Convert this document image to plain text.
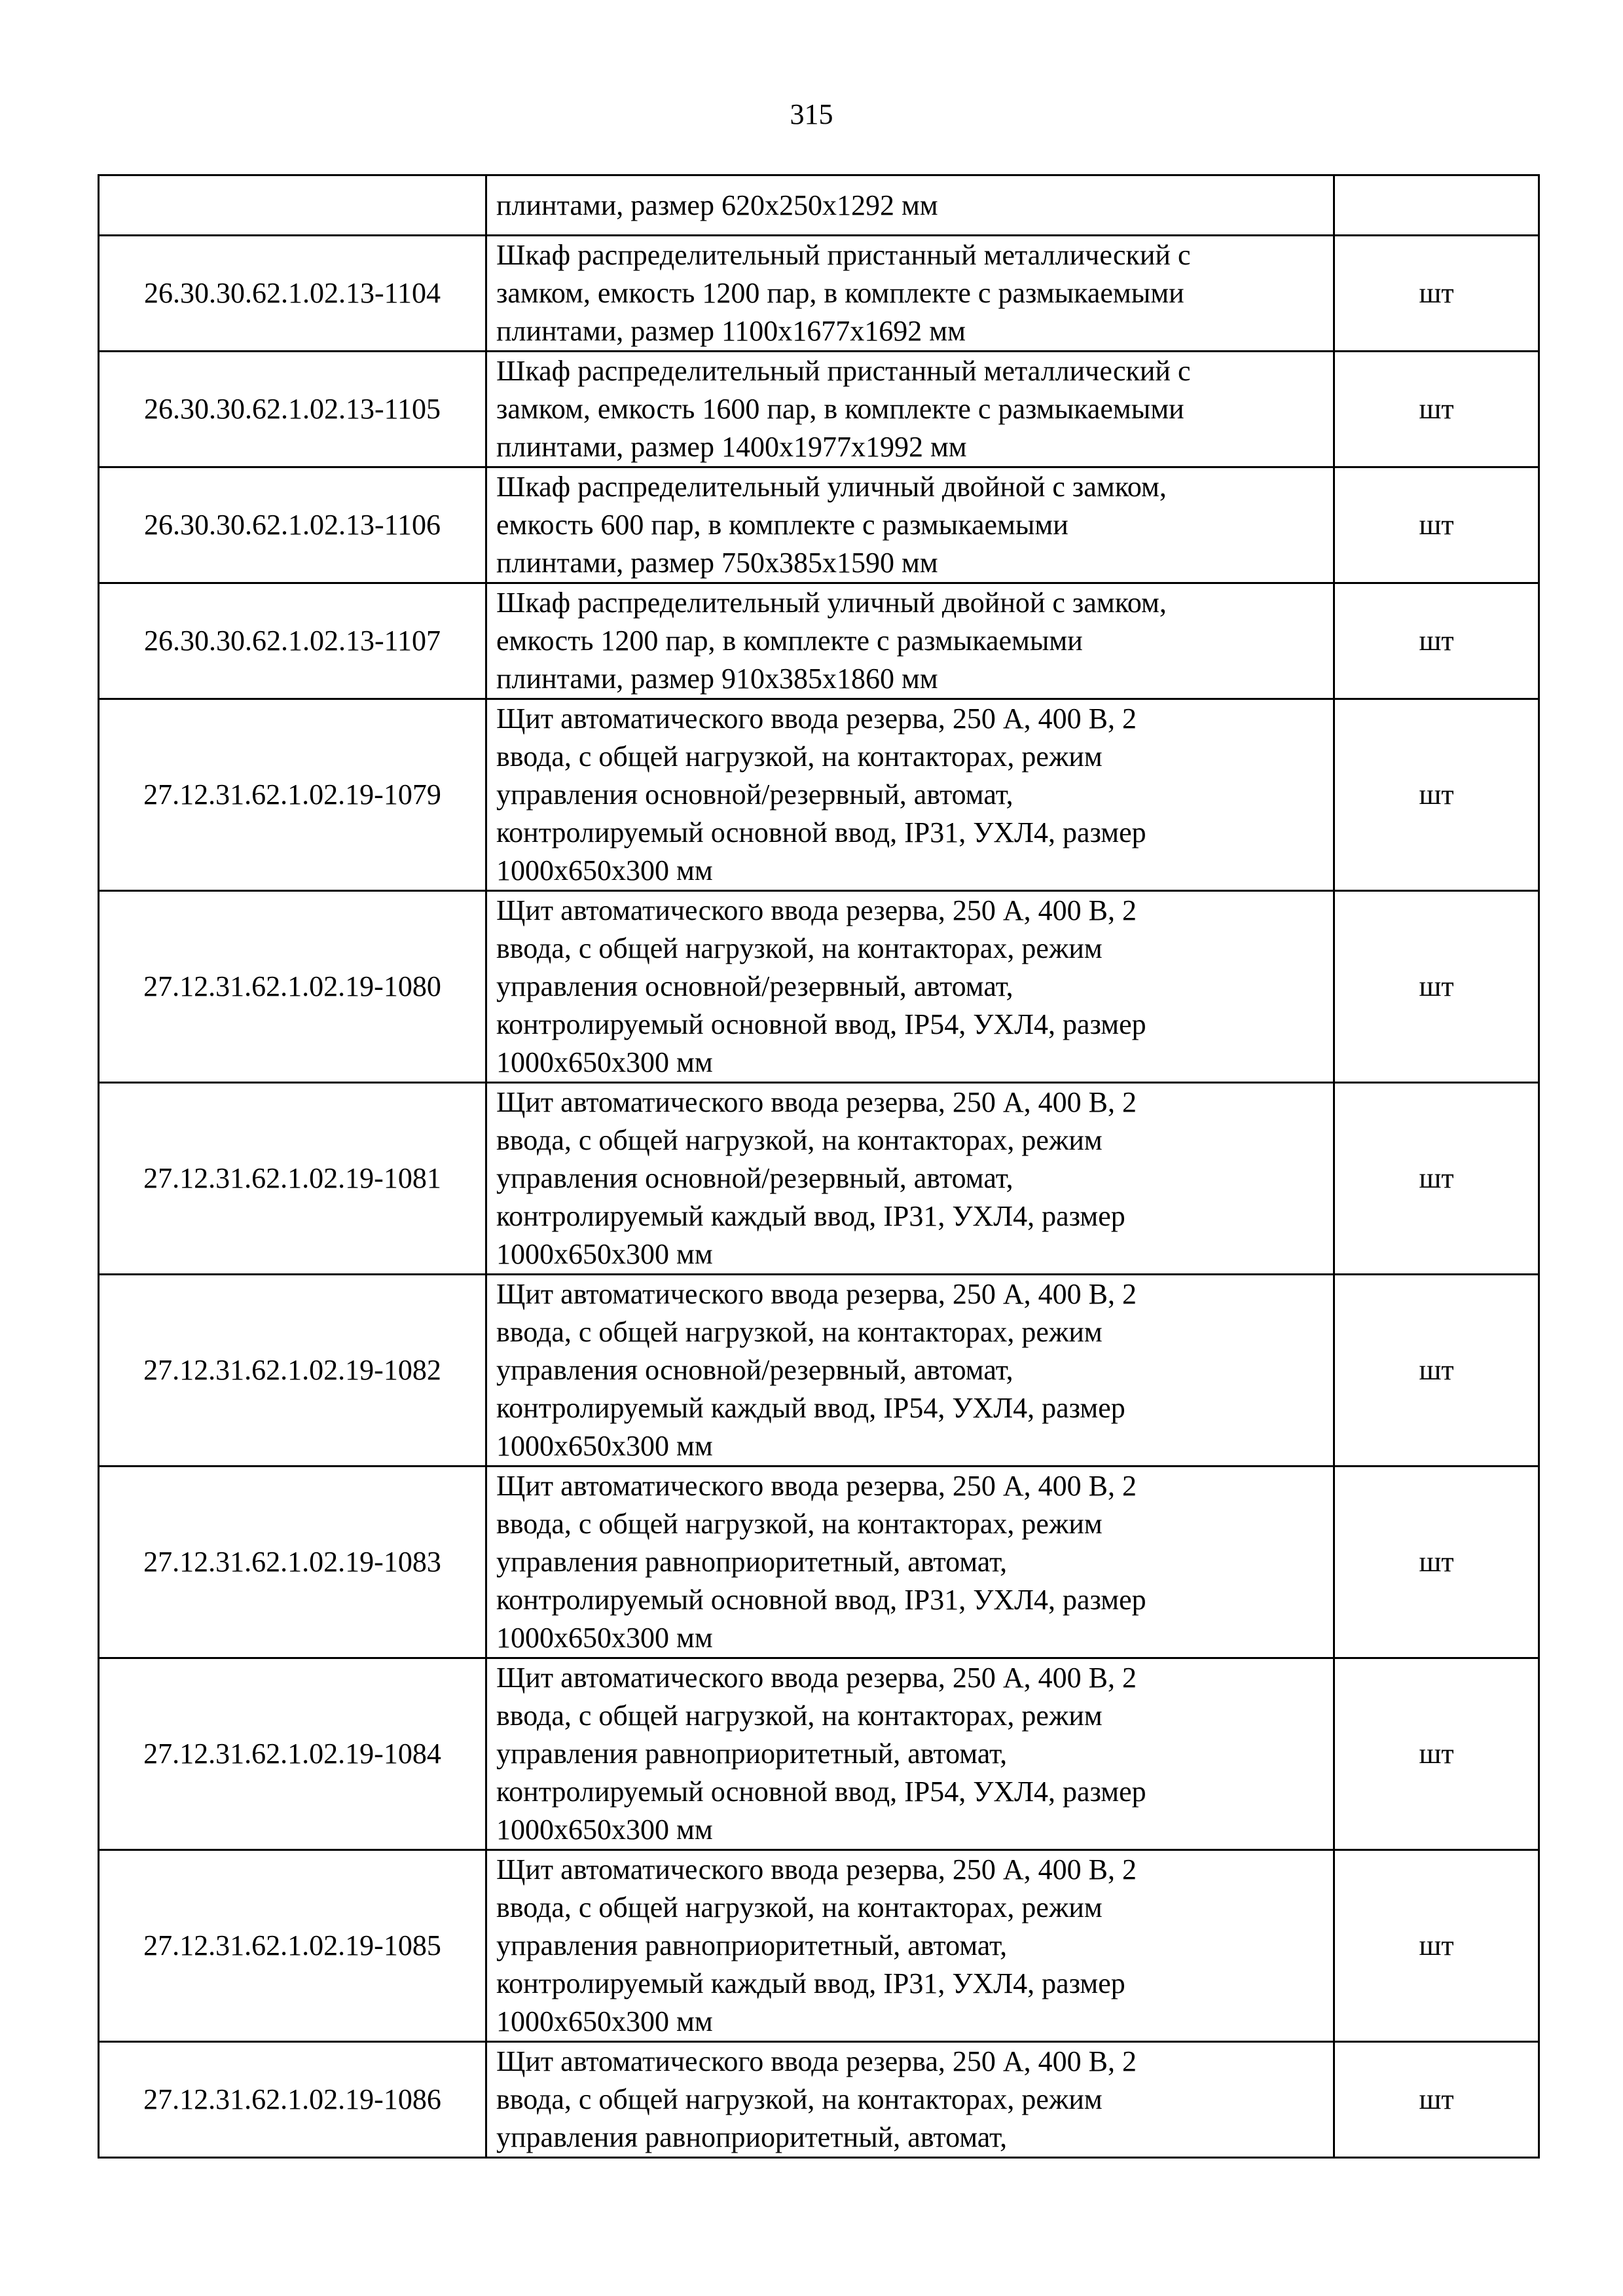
315

	плинтами, размер 620х250х1292 мм	

26.30.30.62.1.02.13-1104	Шкаф распределительный пристанный металлический с
замком, емкость 1200 пар, в комплекте с размыкаемыми
плинтами, размер 1100х1677х1692 мм	шт
26.30.30.62.1.02.13-1105	Шкаф распределительный пристанный металлический с
замком, емкость 1600 пар, в комплекте с размыкаемыми
плинтами, размер 1400х1977х1992 мм	шт
26.30.30.62.1.02.13-1106	Шкаф распределительный уличный двойной с замком,
емкость 600 пар, в комплекте с размыкаемыми
плинтами, размер 750х385х1590 мм	шт
26.30.30.62.1.02.13-1107	Шкаф распределительный уличный двойной с замком,
емкость 1200 пар, в комплекте с размыкаемыми
плинтами, размер 910х385х1860 мм	шт
27.12.31.62.1.02.19-1079	Щит автоматического ввода резерва, 250 А, 400 В, 2
ввода, с общей нагрузкой, на контакторах, режим
управления основной/резервный, автомат,
контролируемый основной ввод, IP31, УХЛ4, размер
1000х650х300 мм	шт
27.12.31.62.1.02.19-1080	Щит автоматического ввода резерва, 250 А, 400 В, 2
ввода, с общей нагрузкой, на контакторах, режим
управления основной/резервный, автомат,
контролируемый основной ввод, IP54, УХЛ4, размер
1000х650х300 мм	шт
27.12.31.62.1.02.19-1081	Щит автоматического ввода резерва, 250 А, 400 В, 2
ввода, с общей нагрузкой, на контакторах, режим
управления основной/резервный, автомат,
контролируемый каждый ввод, IP31, УХЛ4, размер
1000х650х300 мм	шт
27.12.31.62.1.02.19-1082	Щит автоматического ввода резерва, 250 А, 400 В, 2
ввода, с общей нагрузкой, на контакторах, режим
управления основной/резервный, автомат,
контролируемый каждый ввод, IP54, УХЛ4, размер
1000х650х300 мм	шт
27.12.31.62.1.02.19-1083	Щит автоматического ввода резерва, 250 А, 400 В, 2
ввода, с общей нагрузкой, на контакторах, режим
управления равноприоритетный, автомат,
контролируемый основной ввод, IP31, УХЛ4, размер
1000х650х300 мм	шт
27.12.31.62.1.02.19-1084	Щит автоматического ввода резерва, 250 А, 400 В, 2
ввода, с общей нагрузкой, на контакторах, режим
управления равноприоритетный, автомат,
контролируемый основной ввод, IP54, УХЛ4, размер
1000х650х300 мм	шт
27.12.31.62.1.02.19-1085	Щит автоматического ввода резерва, 250 А, 400 В, 2
ввода, с общей нагрузкой, на контакторах, режим
управления равноприоритетный, автомат,
контролируемый каждый ввод, IP31, УХЛ4, размер
1000х650х300 мм	шт
27.12.31.62.1.02.19-1086	Щит автоматического ввода резерва, 250 А, 400 В, 2
ввода, с общей нагрузкой, на контакторах, режим
управления равноприоритетный, автомат,	шт
